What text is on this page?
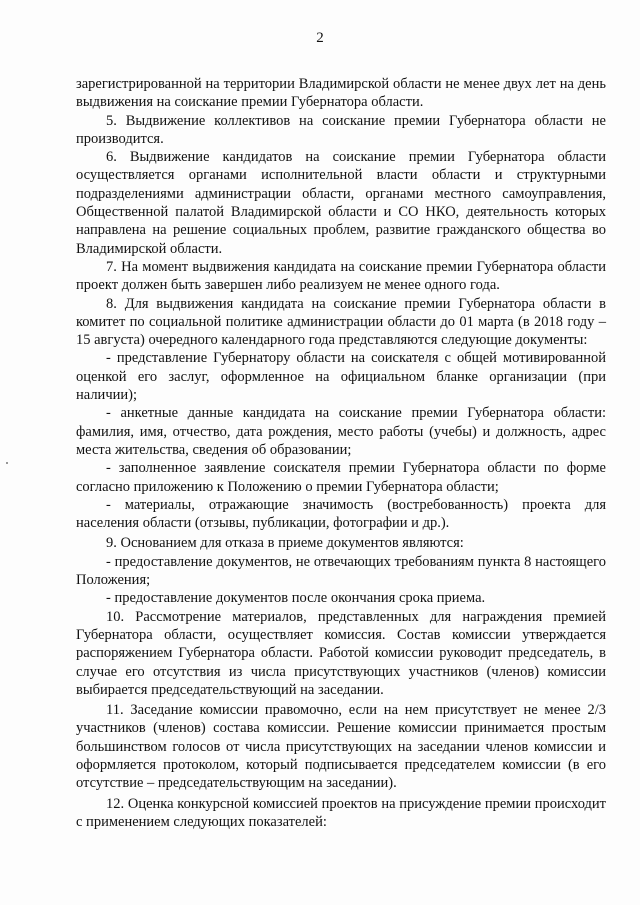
2

зарегистрированной на территории Владимирской области не менее двух лет на день выдвижения на соискание премии Губернатора области.

5. Выдвижение коллективов на соискание премии Губернатора области не производится.

6. Выдвижение кандидатов на соискание премии Губернатора области осуществляется органами исполнительной власти области и структурными подразделениями администрации области, органами местного самоуправления, Общественной палатой Владимирской области и СО НКО, деятельность которых направлена на решение социальных проблем, развитие гражданского общества во Владимирской области.

7. На момент выдвижения кандидата на соискание премии Губернатора области проект должен быть завершен либо реализуем не менее одного года.

8. Для выдвижения кандидата на соискание премии Губернатора области в комитет по социальной политике администрации области до 01 марта (в 2018 году – 15 августа) очередного календарного года представляются следующие документы:

- представление Губернатору области на соискателя с общей мотивированной оценкой его заслуг, оформленное на официальном бланке организации (при наличии);

- анкетные данные кандидата на соискание премии Губернатора области: фамилия, имя, отчество, дата рождения, место работы (учебы) и должность, адрес места жительства, сведения об образовании;

- заполненное заявление соискателя премии Губернатора области по форме согласно приложению к Положению о премии Губернатора области;

- материалы, отражающие значимость (востребованность) проекта для населения области (отзывы, публикации, фотографии и др.).

9. Основанием для отказа в приеме документов являются:

- предоставление документов, не отвечающих требованиям пункта 8 настоящего Положения;

- предоставление документов после окончания срока приема.

10. Рассмотрение материалов, представленных для награждения премией Губернатора области, осуществляет комиссия. Состав комиссии утверждается распоряжением Губернатора области. Работой комиссии руководит председатель, в случае его отсутствия из числа присутствующих участников (членов) комиссии выбирается председательствующий на заседании.

11. Заседание комиссии правомочно, если на нем присутствует не менее 2/3 участников (членов) состава комиссии. Решение комиссии принимается простым большинством голосов от числа присутствующих на заседании членов комиссии и оформляется протоколом, который подписывается председателем комиссии (в его отсутствие – председательствующим на заседании).

12. Оценка конкурсной комиссией проектов на присуждение премии происходит с применением следующих показателей:
